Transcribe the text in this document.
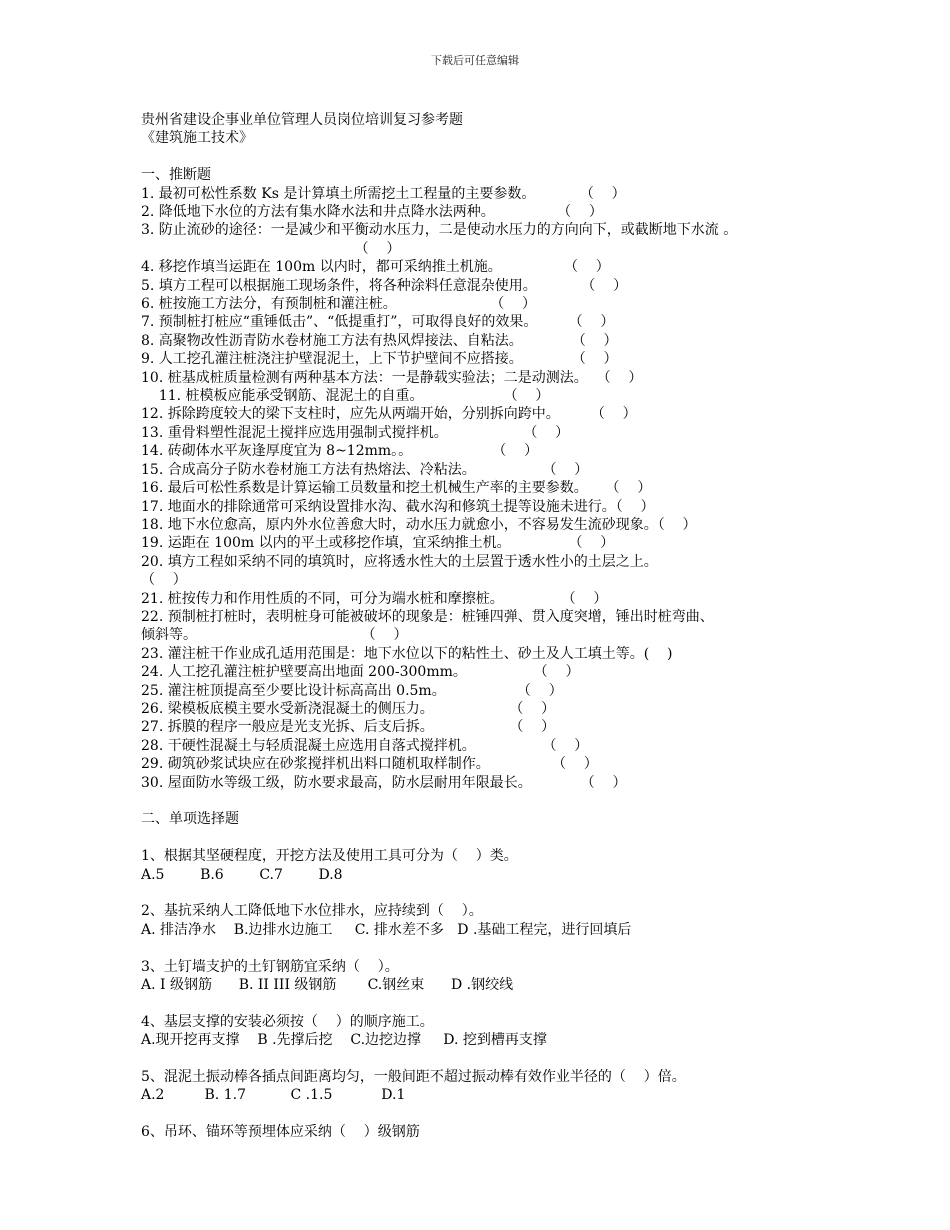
下载后可任意编辑
贵州省建设企事业单位管理人员岗位培训复习参考题
《建筑施工技术》
一、推断题
1. 最初可松性系数 Ks 是计算填土所需挖土工程量的主要参数。          （    ）
2. 降低地下水位的方法有集水降水法和井点降水法两种。              （    ）
3. 防止流砂的途径：一是减少和平衡动水压力，二是使动水压力的方向向下，或截断地下水流 。
（    ）
4. 移挖作填当运距在 100m 以内时，都可采纳推土机施。              （    ）
5. 填方工程可以根据施工现场条件，将各种涂料任意混杂使用。          （    ）
6. 桩按施工方法分，有预制桩和灌注桩。                     （    ）
7. 预制桩打桩应“重锤低击”、“低提重打”，可取得良好的效果。       （    ）
8. 高聚物改性沥青防水卷材施工方法有热风焊接法、自粘法。           （    ）
9. 人工挖孔灌注桩浇注护壁混泥土，上下节护壁间不应搭接。           （    ）
10. 桩基成桩质量检测有两种基本方法：一是静载实验法；二是动测法。  （    ）
11. 桩模板应能承受钢筋、混泥土的自重。                  （    ）
12. 拆除跨度较大的梁下支柱时，应先从两端开始，分别拆向跨中。       （    ）
13. 重骨料塑性混泥土搅拌应选用强制式搅拌机。                 （    ）
14. 砖砌体水平灰逢厚度宜为 8~12mm。。                  （    ）
15. 合成高分子防水卷材施工方法有热熔法、冷粘法。               （    ）
16. 最后可松性系数是计算运输工员数量和挖土机械生产率的主要参数。    （    ）
17. 地面水的排除通常可采纳设置排水沟、截水沟和修筑土提等设施未进行。（    ）
18. 地下水位愈高，原内外水位善愈大时，动水压力就愈小，不容易发生流砂现象。（    ）
19. 运距在 100m 以内的平土或移挖作填，宜采纳推土机。             （    ）
20. 填方工程如采纳不同的填筑时，应将透水性大的土层置于透水性小的土层之上。
（    ）
21. 桩按传力和作用性质的不同，可分为端水桩和摩擦桩。             （    ）
22. 预制桩打桩时，表明桩身可能被破坏的现象是：桩锤四弹、贯入度突增，锤出时桩弯曲、
倾斜等。                                     （    ）
23. 灌注桩干作业成孔适用范围是：地下水位以下的粘性土、砂土及人工填土等。(    )
24. 人工挖孔灌注桩护壁要高出地面 200-300mm。               （    ）
25. 灌注桩顶提高至少要比设计标高高出 0.5m。                （    ）
26. 梁模板底模主要水受新浇混凝土的侧压力。                 （    ）
27. 拆膜的程序一般应是光支光拆、后支后拆。                 （    ）
28. 干硬性混凝土与轻质混凝土应选用自落式搅拌机。               （    ）
29. 砌筑砂浆试块应在砂浆搅拌机出料口随机取样制作。              （    ）
30. 屋面防水等级工级，防水要求最高，防水层耐用年限最长。           （    ）
二、单项选择题
1、根据其坚硬程度，开挖方法及使用工具可分为（    ）类。
A.5        B.6        C.7        D.8
2、基抗采纳人工降低地下水位排水，应持续到（    ）。
A. 排洁净水    B.边排水边施工     C. 排水差不多   D .基础工程完，进行回填后
3、土钉墙支护的土钉钢筋宜采纳（    ）。
A. I 级钢筋      B. II III 级钢筋       C.钢丝束      D .钢绞线
4、基层支撑的安装必须按（    ）的顺序施工。
A.现开挖再支撑    B .先撑后挖    C.边挖边撑     D. 挖到槽再支撑
5、混泥土振动棒各插点间距离均匀，一般间距不超过振动棒有效作业半径的（    ）倍。
A.2         B. 1.7          C .1.5           D.1
6、吊环、锚环等预埋体应采纳（    ）级钢筋
